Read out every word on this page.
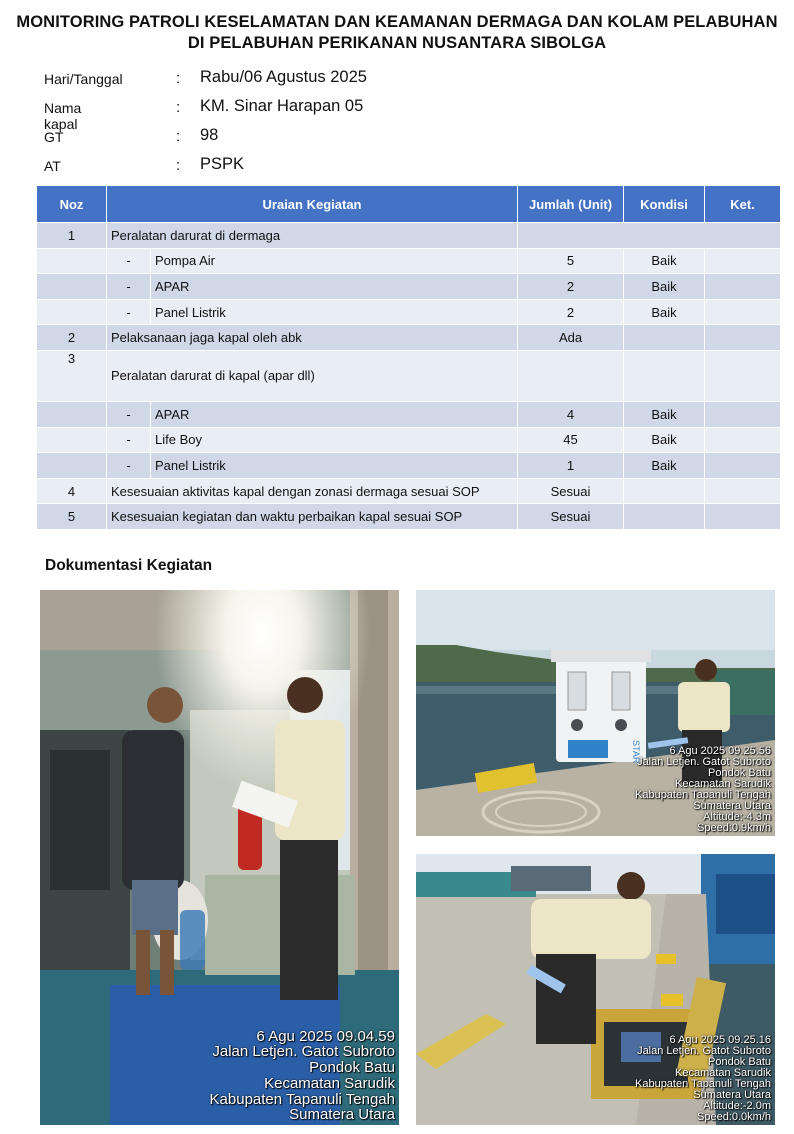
MONITORING PATROLI KESELAMATAN DAN KEAMANAN DERMAGA DAN KOLAM PELABUHAN
DI PELABUHAN PERIKANAN NUSANTARA SIBOLGA
Hari/Tanggal	: Rabu/06 Agustus 2025
Nama kapal
: KM. Sinar Harapan 05
GT	: 98
AT	: PSPK
Noz	Uraian Kegiatan		Jumlah (Unit)	Kondisi	Ket.
1	Peralatan darurat di dermaga				
	-	Pompa Air	5	Baik	
	-	APAR	2	Baik	
	-	Panel Listrik	2	Baik	
2	Pelaksanaan jaga kapal oleh abk		Ada		
3	Peralatan darurat di kapal (apar dll)				
	-	APAR	4	Baik	
	-	Life Boy	45	Baik	
	-	Panel Listrik	1	Baik	
4	Kesesuaian aktivitas kapal dengan zonasi dermaga sesuai SOP		Sesuai		
5	Kesesuaian kegiatan dan waktu perbaikan kapal sesuai SOP		Sesuai		
Dokumentasi Kegiatan
6 Agu 2025 09.04.59
Jalan Letjen. Gatot Subroto
Pondok Batu
Kecamatan Sarudik
Kabupaten Tapanuli Tengah
Sumatera Utara
STAR	6 Agu 2025 09.25.56
Jalan Letjen. Gatot Subroto
Pondok Batu
Kecamatan Sarudik
Kabupaten Tapanuli Tengah
Sumatera Utara
Altitude:-4.3m
Speed:0.9km/h
6 Agu 2025 09.25.16
Jalan Letjen. Gatot Subroto
Pondok Batu
Kecamatan Sarudik
Kabupaten Tapanuli Tengah
Sumatera Utara
Altitude:-2.0m
Speed:0.0km/h
